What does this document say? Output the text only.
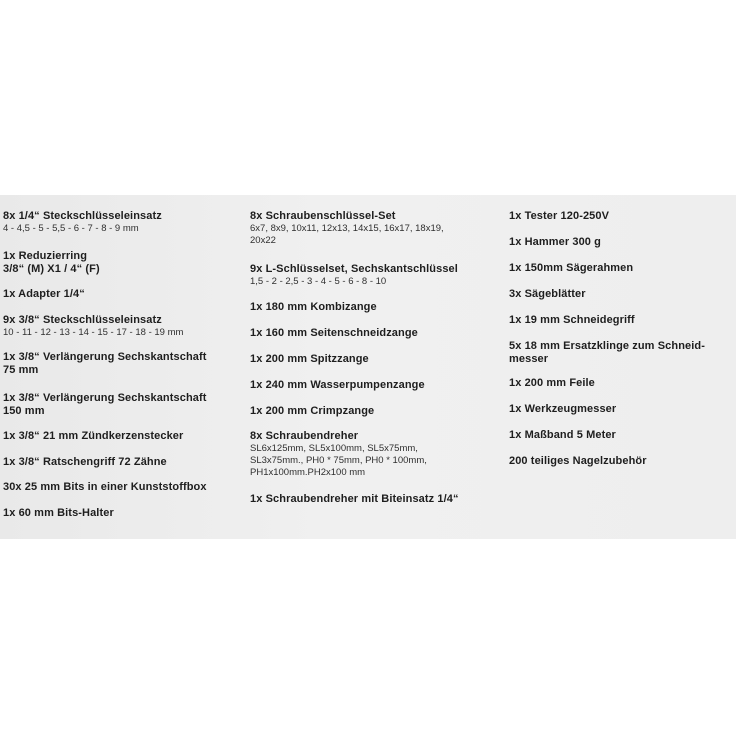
8x 1/4“ Steckschlüsseleinsatz
4 - 4,5 - 5 - 5,5 - 6 - 7 - 8 - 9 mm
1x Reduzierring
3/8“ (M) X1 / 4“ (F)
1x Adapter 1/4“
9x 3/8“ Steckschlüsseleinsatz
10 - 11 - 12 - 13 - 14 - 15 - 17 - 18 - 19 mm
1x 3/8“ Verlängerung Sechskantschaft
75 mm
1x 3/8“ Verlängerung Sechskantschaft
150 mm
1x 3/8“ 21 mm Zündkerzenstecker
1x 3/8“ Ratschengriff 72 Zähne
30x 25 mm Bits in einer Kunststoffbox
1x 60 mm Bits-Halter
8x Schraubenschlüssel-Set
6x7, 8x9, 10x11, 12x13, 14x15, 16x17, 18x19,
20x22
9x L-Schlüsselset, Sechskantschlüssel
1,5 - 2 - 2,5 - 3 - 4 - 5 - 6 - 8 - 10
1x 180 mm Kombizange
1x 160 mm Seitenschneidzange
1x 200 mm Spitzzange
1x 240 mm Wasserpumpenzange
1x 200 mm Crimpzange
8x Schraubendreher
SL6x125mm, SL5x100mm, SL5x75mm,
SL3x75mm., PH0 * 75mm, PH0 * 100mm,
PH1x100mm.PH2x100 mm
1x Schraubendreher mit Biteinsatz 1/4“
1x Tester 120-250V
1x Hammer 300 g
1x 150mm Sägerahmen
3x Sägeblätter
1x 19 mm Schneidegriff
5x 18 mm Ersatzklinge zum Schneid-
messer
1x 200 mm Feile
1x Werkzeugmesser
1x Maßband 5 Meter
200 teiliges Nagelzubehör
